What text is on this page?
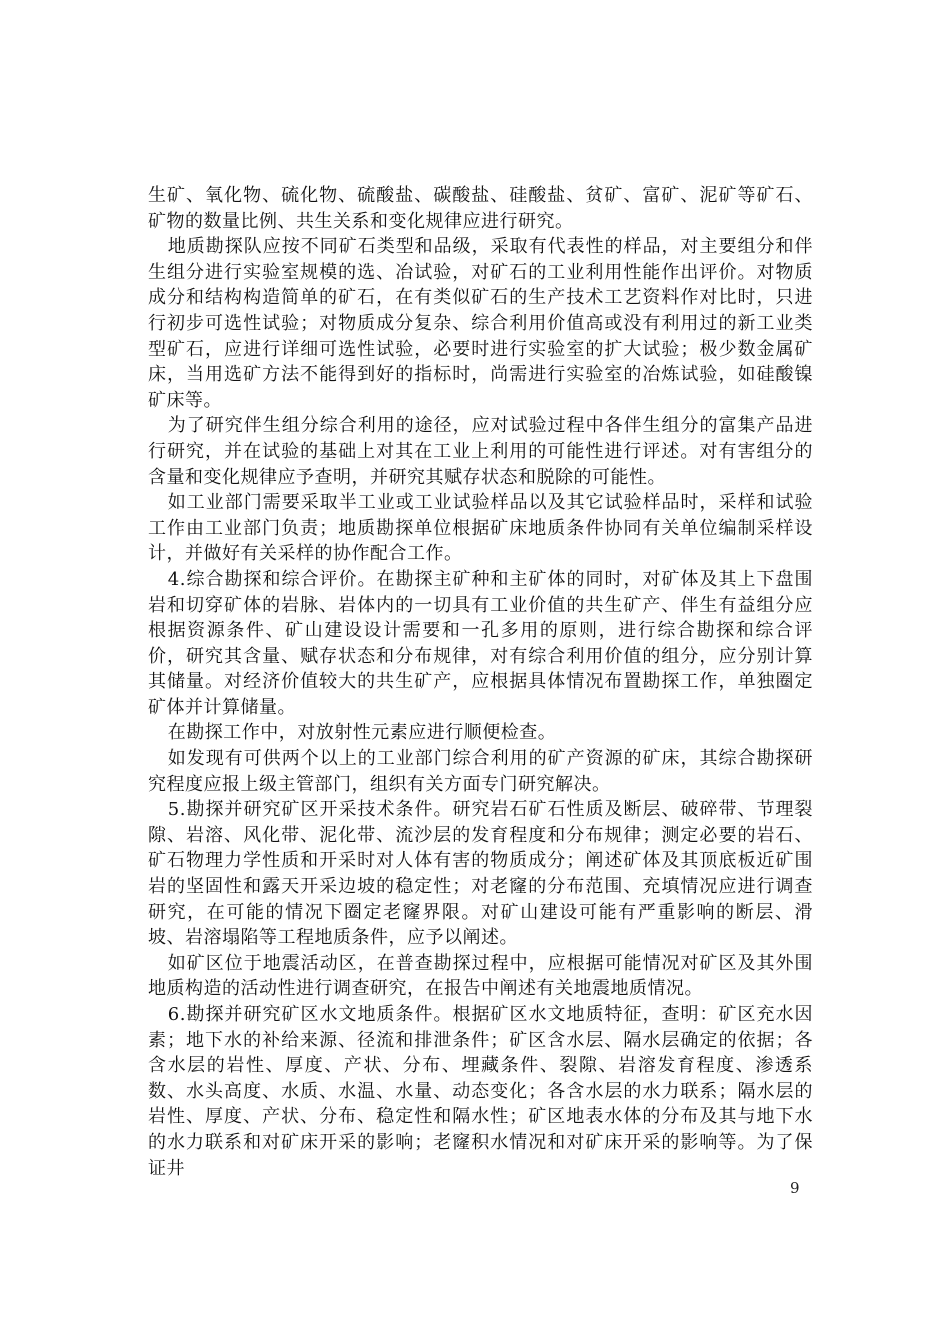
生矿、氧化物、硫化物、硫酸盐、碳酸盐、硅酸盐、贫矿、富矿、泥矿等矿石、矿物的数量比例、共生关系和变化规律应进行研究。

地质勘探队应按不同矿石类型和品级，采取有代表性的样品，对主要组分和伴生组分进行实验室规模的选、冶试验，对矿石的工业利用性能作出评价。对物质成分和结构构造简单的矿石，在有类似矿石的生产技术工艺资料作对比时，只进行初步可选性试验；对物质成分复杂、综合利用价值高或没有利用过的新工业类型矿石，应进行详细可选性试验，必要时进行实验室的扩大试验；极少数金属矿床，当用选矿方法不能得到好的指标时，尚需进行实验室的冶炼试验，如硅酸镍矿床等。

为了研究伴生组分综合利用的途径，应对试验过程中各伴生组分的富集产品进行研究，并在试验的基础上对其在工业上利用的可能性进行评述。对有害组分的含量和变化规律应予查明，并研究其赋存状态和脱除的可能性。

如工业部门需要采取半工业或工业试验样品以及其它试验样品时，采样和试验工作由工业部门负责；地质勘探单位根据矿床地质条件协同有关单位编制采样设计，并做好有关采样的协作配合工作。

4.综合勘探和综合评价。在勘探主矿种和主矿体的同时，对矿体及其上下盘围岩和切穿矿体的岩脉、岩体内的一切具有工业价值的共生矿产、伴生有益组分应根据资源条件、矿山建设设计需要和一孔多用的原则，进行综合勘探和综合评价，研究其含量、赋存状态和分布规律，对有综合利用价值的组分，应分别计算其储量。对经济价值较大的共生矿产，应根据具体情况布置勘探工作，单独圈定矿体并计算储量。

在勘探工作中，对放射性元素应进行顺便检查。

如发现有可供两个以上的工业部门综合利用的矿产资源的矿床，其综合勘探研究程度应报上级主管部门，组织有关方面专门研究解决。

5.勘探并研究矿区开采技术条件。研究岩石矿石性质及断层、破碎带、节理裂隙、岩溶、风化带、泥化带、流沙层的发育程度和分布规律；测定必要的岩石、矿石物理力学性质和开采时对人体有害的物质成分；阐述矿体及其顶底板近矿围岩的坚固性和露天开采边坡的稳定性；对老窿的分布范围、充填情况应进行调查研究，在可能的情况下圈定老窿界限。对矿山建设可能有严重影响的断层、滑坡、岩溶塌陷等工程地质条件，应予以阐述。

如矿区位于地震活动区，在普查勘探过程中，应根据可能情况对矿区及其外围地质构造的活动性进行调查研究，在报告中阐述有关地震地质情况。

6.勘探并研究矿区水文地质条件。根据矿区水文地质特征，查明：矿区充水因素；地下水的补给来源、径流和排泄条件；矿区含水层、隔水层确定的依据；各含水层的岩性、厚度、产状、分布、埋藏条件、裂隙、岩溶发育程度、渗透系数、水头高度、水质、水温、水量、动态变化；各含水层的水力联系；隔水层的岩性、厚度、产状、分布、稳定性和隔水性；矿区地表水体的分布及其与地下水的水力联系和对矿床开采的影响；老窿积水情况和对矿床开采的影响等。为了保证井

9
